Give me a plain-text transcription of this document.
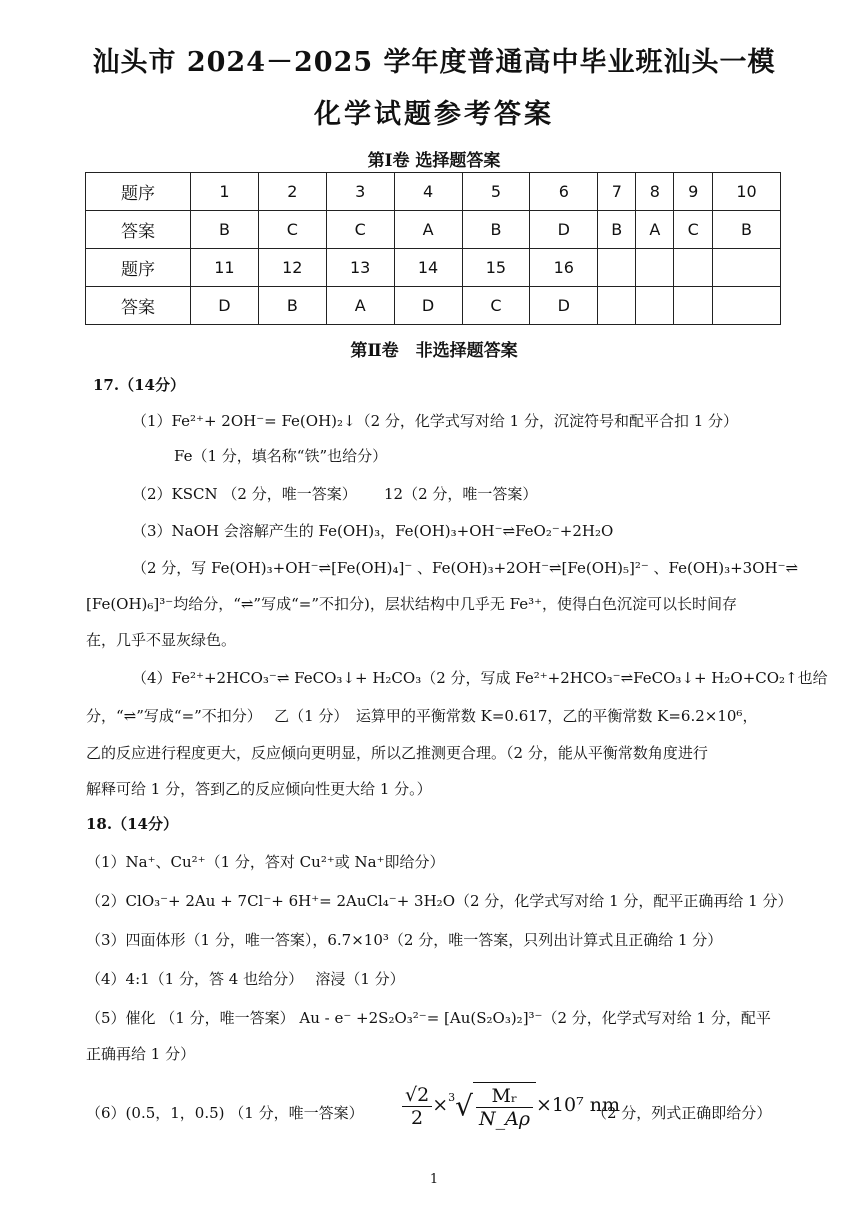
汕头市 2024－2025 学年度普通高中毕业班汕头一模
化学试题参考答案
第Ⅰ卷 选择题答案
题序	1	2	3	4	5	6	7	8	9	10
答案	B	C	C	A	B	D	B	A	C	B
题序	11	12	13	14	15	16				
答案	D	B	A	D	C	D				
第Ⅱ卷　非选择题答案
17.（14分）
（1）Fe²⁺+ 2OH⁻= Fe(OH)₂↓（2 分，化学式写对给 1 分，沉淀符号和配平合扣 1 分）
Fe（1 分，填名称“铁”也给分）
（2）KSCN （2 分，唯一答案）　　 12（2 分，唯一答案）
（3）NaOH 会溶解产生的 Fe(OH)₃，Fe(OH)₃+OH⁻⇌FeO₂⁻+2H₂O
（2 分，写 Fe(OH)₃+OH⁻⇌[Fe(OH)₄]⁻ 、Fe(OH)₃+2OH⁻⇌[Fe(OH)₅]²⁻ 、Fe(OH)₃+3OH⁻⇌
[Fe(OH)₆]³⁻均给分，“⇌”写成“=”不扣分)，层状结构中几乎无 Fe³⁺，使得白色沉淀可以长时间存
在，几乎不显灰绿色。
（4）Fe²⁺+2HCO₃⁻⇌ FeCO₃↓+ H₂CO₃（2 分，写成 Fe²⁺+2HCO₃⁻⇌FeCO₃↓+ H₂O+CO₂↑也给
分，“⇌”写成“=”不扣分）　 乙（1 分）　运算甲的平衡常数 K=0.617，乙的平衡常数 K=6.2×10⁶，
乙的反应进行程度更大，反应倾向更明显，所以乙推测更合理。（2 分，能从平衡常数角度进行
解释可给 1 分，答到乙的反应倾向性更大给 1 分。）
18.（14分）
（1）Na⁺、Cu²⁺（1 分，答对 Cu²⁺或 Na⁺即给分）
（2）ClO₃⁻+ 2Au + 7Cl⁻+ 6H⁺= 2AuCl₄⁻+ 3H₂O（2 分，化学式写对给 1 分，配平正确再给 1 分）
（3）四面体形（1 分，唯一答案），6.7×10³（2 分，唯一答案，只列出计算式且正确给 1 分）
（4）4:1（1 分，答 4 也给分）　 溶浸（1 分）
（5）催化 （1 分，唯一答案） Au - e⁻ +2S₂O₃²⁻= [Au(S₂O₃)₂]³⁻（2 分，化学式写对给 1 分，配平
正确再给 1 分）
（6）(0.5，1，0.5) （1 分，唯一答案） $\frac{√2}{2} \times^3√ \frac{\text{Mᵣ}}{N\_A\rho} \times 10^7$ nm
（2 分，列式正确即给分）
1
